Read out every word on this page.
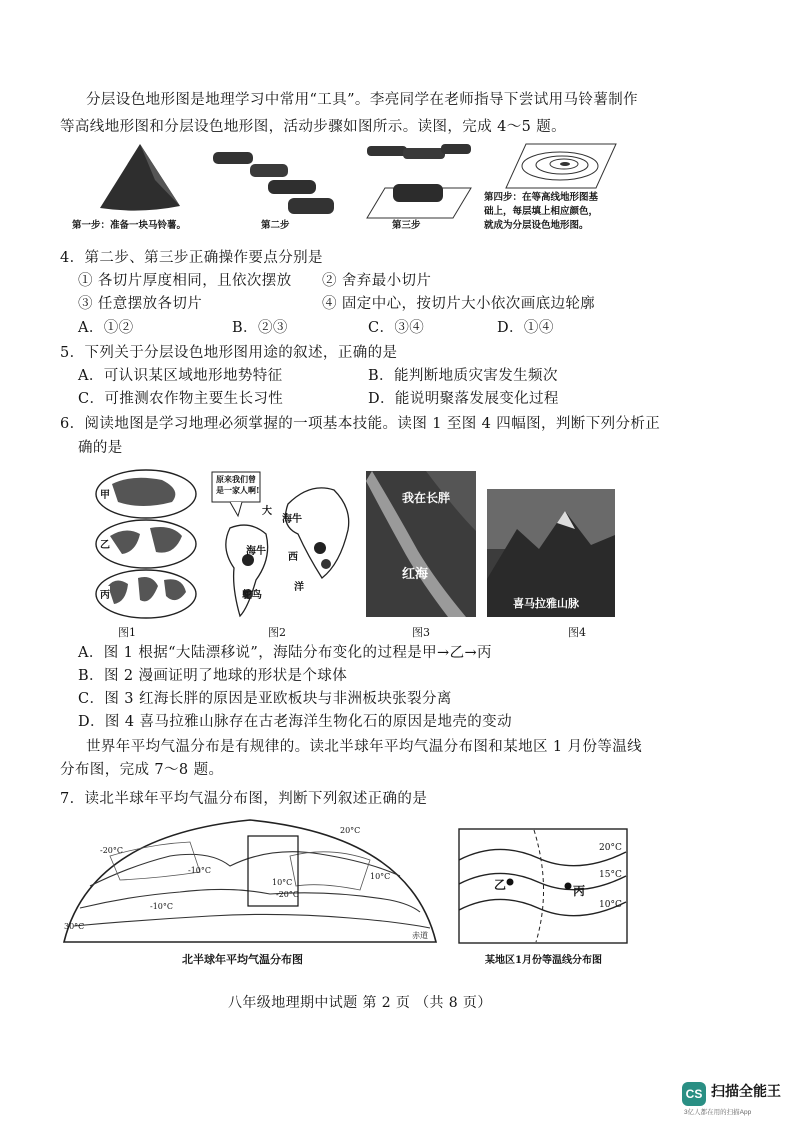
分层设色地形图是地理学习中常用“工具”。李亮同学在老师指导下尝试用马铃薯制作
等高线地形图和分层设色地形图，活动步骤如图所示。读图，完成 4～5 题。
第一步：准备一块马铃薯。	第二步	第三步
第四步：在等高线地形图基
础上，每层填上相应颜色，
就成为分层设色地形图。
4．第二步、第三步正确操作要点分别是
① 各切片厚度相同，且依次摆放 ② 舍弃最小切片
③ 任意摆放各切片	④ 固定中心，按切片大小依次画底边轮廓
A．①②	B．②③	C．③④	D．①④
5．下列关于分层设色地形图用途的叙述，正确的是
A．可认识某区域地形地势特征	B．能判断地质灾害发生频次
C．可推测农作物主要生长习性	D．能说明聚落发展变化过程
6．阅读地图是学习地理必须掌握的一项基本技能。读图 1 至图 4 四幅图，判断下列分析正
确的是
甲
乙
丙
原来我们曾
是一家人啊!
大
海牛
海牛
西
洋
鸵鸟
我在长胖
红海
喜马拉雅山脉
图1	图2	图3	图4
A．图 1 根据“大陆漂移说”，海陆分布变化的过程是甲→乙→丙
B．图 2 漫画证明了地球的形状是个球体
C．图 3 红海长胖的原因是亚欧板块与非洲板块张裂分离
D．图 4 喜马拉雅山脉存在古老海洋生物化石的原因是地壳的变动
世界年平均气温分布是有规律的。读北半球年平均气温分布图和某地区 1 月份等温线
分布图，完成 7～8 题。
7．读北半球年平均气温分布图，判断下列叙述正确的是
-20°C
10°C
20°C
-20°C
-10°C
10°C
30°C
-10°C
赤道
北半球年平均气温分布图
20°C
15°C
10°C
乙	丙
某地区1月份等温线分布图
八年级地理期中试题 第 2 页 （共 8 页）
CS 扫描全能王
3亿人都在用的扫描App
